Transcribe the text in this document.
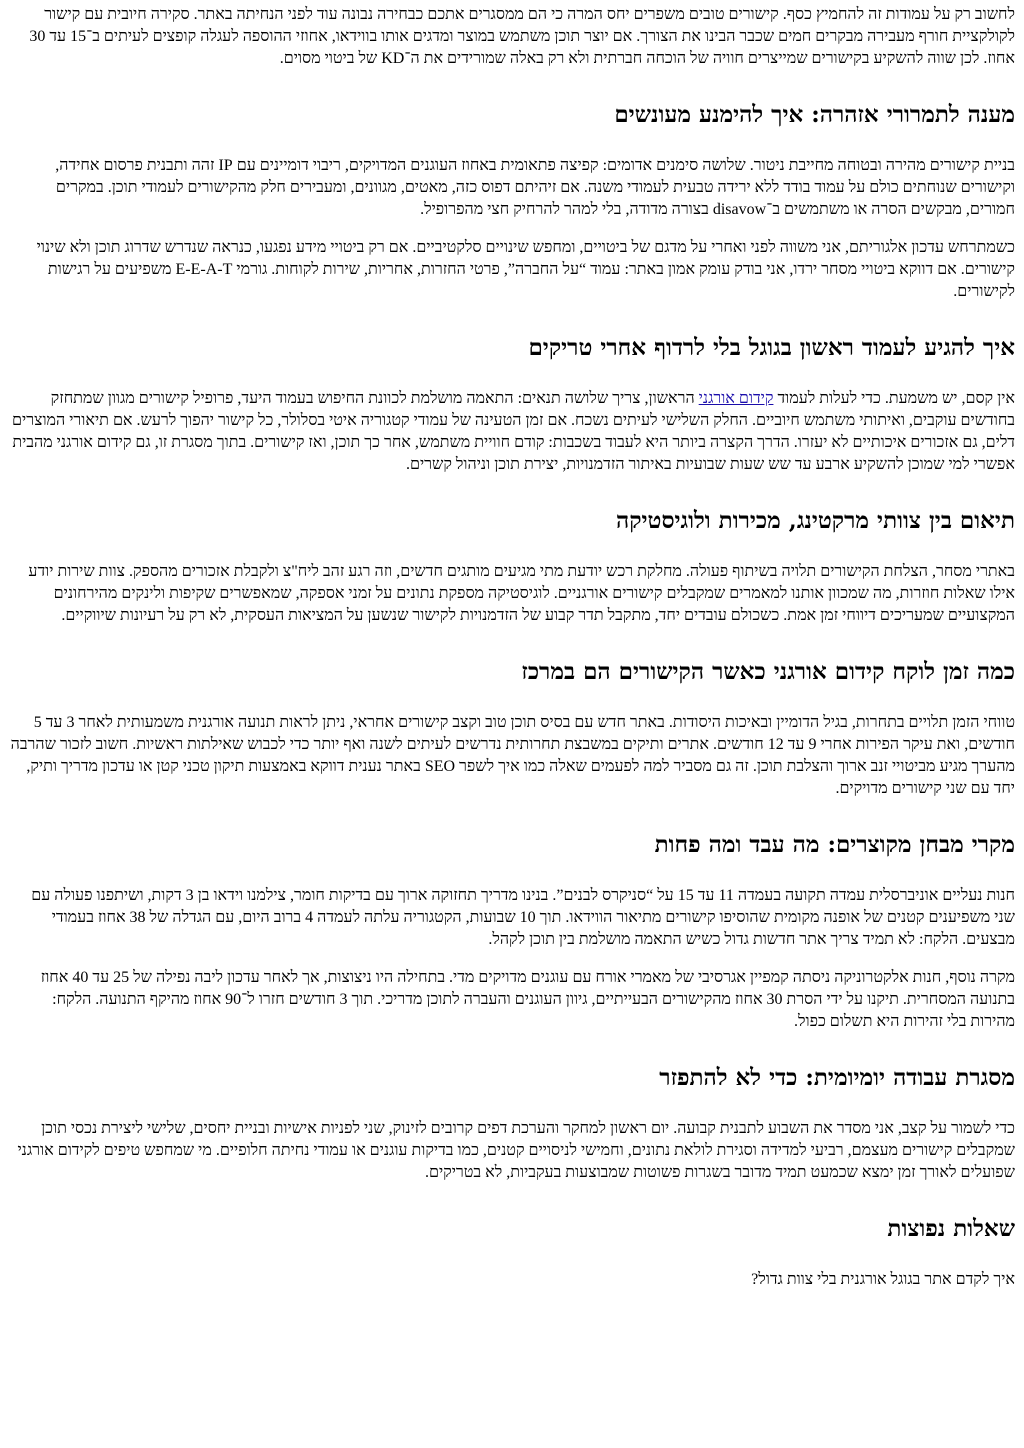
לחשוב רק על עמודות זה להחמיץ כסף. קישורים טובים משפרים יחס המרה כי הם ממסגרים אתכם כבחירה נבונה עוד לפני הנחיתה באתר. סקירה חיובית עם קישור לקולקציית חורף מעבירה מבקרים חמים שכבר הבינו את הצורך. אם יוצר תוכן משתמש במוצר ומדגים אותו בווידאו, אחוזי ההוספה לעגלה קופצים לעיתים ב־15 עד 30 אחוז. לכן שווה להשקיע בקישורים שמייצרים חוויה של הוכחה חברתית ולא רק באלה שמורידים את ה־KD של ביטוי מסוים.

מענה לתמרורי אזהרה: איך להימנע מעונשים

בניית קישורים מהירה ובטוחה מחייבת ניטור. שלושה סימנים אדומים: קפיצה פתאומית באחוז העוגנים המדויקים, ריבוי דומיינים עם IP זהה ותבנית פרסום אחידה, וקישורים שנוחתים כולם על עמוד בודד ללא ירידה טבעית לעמודי משנה. אם זיהיתם דפוס כזה, מאטים, מגוונים, ומעבירים חלק מהקישורים לעמודי תוכן. במקרים חמורים, מבקשים הסרה או משתמשים ב־disavow בצורה מדודה, בלי למהר להרחיק חצי מהפרופיל.

כשמתרחש עדכון אלגוריתם, אני משווה לפני ואחרי על מדגם של ביטויים, ומחפש שינויים סלקטיביים. אם רק ביטויי מידע נפגעו, כנראה שנדרש שדרוג תוכן ולא שינוי קישורים. אם דווקא ביטויי מסחר ירדו, אני בודק עומק אמון באתר: עמוד “על החברה”, פרטי החזרות, אחריות, שירות לקוחות. גורמי E-E-A-T משפיעים על רגישות לקישורים.

איך להגיע לעמוד ראשון בגוגל בלי לרדוף אחרי טריקים

אין קסם, יש משמעת. כדי לעלות לעמוד קידום אורגני הראשון, צריך שלושה תנאים: התאמה מושלמת לכוונת החיפוש בעמוד היעד, פרופיל קישורים מגוון שמתחזק בחודשים עוקבים, ואיתותי משתמש חיוביים. החלק השלישי לעיתים נשכח. אם זמן הטעינה של עמודי קטגוריה איטי בסלולר, כל קישור יהפוך לרעש. אם תיאורי המוצרים דלים, גם אזכורים איכותיים לא יעזרו. הדרך הקצרה ביותר היא לעבוד בשכבות: קודם חוויית משתמש, אחר כך תוכן, ואז קישורים. בתוך מסגרת זו, גם קידום אורגני מהבית אפשרי למי שמוכן להשקיע ארבע עד שש שעות שבועיות באיתור הזדמנויות, יצירת תוכן וניהול קשרים.

תיאום בין צוותי מרקטינג, מכירות ולוגיסטיקה

באתרי מסחר, הצלחת הקישורים תלויה בשיתוף פעולה. מחלקת רכש יודעת מתי מגיעים מותגים חדשים, וזה רגע זהב ליח"צ ולקבלת אזכורים מהספק. צוות שירות יודע אילו שאלות חוזרות, מה שמכוון אותנו למאמרים שמקבלים קישורים אורגניים. לוגיסטיקה מספקת נתונים על זמני אספקה, שמאפשרים שקיפות ולינקים מהירחונים המקצועיים שמעריכים דיווחי זמן אמת. כשכולם עובדים יחד, מתקבל תדר קבוע של הזדמנויות לקישור שנשען על המציאות העסקית, לא רק על רעיונות שיווקיים.

כמה זמן לוקח קידום אורגני כאשר הקישורים הם במרכז

טווחי הזמן תלויים בתחרות, בגיל הדומיין ובאיכות היסודות. באתר חדש עם בסיס תוכן טוב וקצב קישורים אחראי, ניתן לראות תנועה אורגנית משמעותית לאחר 3 עד 5 חודשים, ואת עיקר הפירות אחרי 9 עד 12 חודשים. אתרים ותיקים במשבצת תחרותית נדרשים לעיתים לשנה ואף יותר כדי לכבוש שאילתות ראשיות. חשוב לזכור שהרבה מהערך מגיע מביטויי זנב ארוך והצלבת תוכן. זה גם מסביר למה לפעמים שאלה כמו איך לשפר SEO באתר נענית דווקא באמצעות תיקון טכני קטן או עדכון מדריך ותיק, יחד עם שני קישורים מדויקים.

מקרי מבחן מקוצרים: מה עבד ומה פחות

חנות נעליים אוניברסלית עמדה תקועה בעמדה 11 עד 15 על “סניקרס לבנים”. בנינו מדריך תחזוקה ארוך עם בדיקות חומר, צילמנו וידאו בן 3 דקות, ושיתפנו פעולה עם שני משפיענים קטנים של אופנה מקומית שהוסיפו קישורים מתיאור הווידאו. תוך 10 שבועות, הקטגוריה עלתה לעמדה 4 ברוב היום, עם הגדלה של 38 אחוז בעמודי מבצעים. הלקח: לא תמיד צריך אתר חדשות גדול כשיש התאמה מושלמת בין תוכן לקהל.

מקרה נוסף, חנות אלקטרוניקה ניסתה קמפיין אגרסיבי של מאמרי אורח עם עוגנים מדויקים מדי. בתחילה היו ניצוצות, אך לאחר עדכון ליבה נפילה של 25 עד 40 אחוז בתנועה המסחרית. תיקנו על ידי הסרת 30 אחוז מהקישורים הבעייתיים, גיוון העוגנים והעברה לתוכן מדריכי. תוך 3 חודשים חזרו ל־90 אחוז מהיקף התנועה. הלקח: מהירות בלי זהירות היא תשלום כפול.

מסגרת עבודה יומיומית: כדי לא להתפזר

כדי לשמור על קצב, אני מסדר את השבוע לתבנית קבועה. יום ראשון למחקר והערכת דפים קרובים לזינוק, שני לפניות אישיות ובניית יחסים, שלישי ליצירת נכסי תוכן שמקבלים קישורים מעצמם, רביעי למדידה וסגירת לולאת נתונים, וחמישי לניסויים קטנים, כמו בדיקות עוגנים או עמודי נחיתה חלופיים. מי שמחפש טיפים לקידום אורגני שפועלים לאורך זמן ימצא שכמעט תמיד מדובר בשגרות פשוטות שמבוצעות בעקביות, לא בטריקים.

שאלות נפוצות

איך לקדם אתר בגוגל אורגנית בלי צוות גדול?
